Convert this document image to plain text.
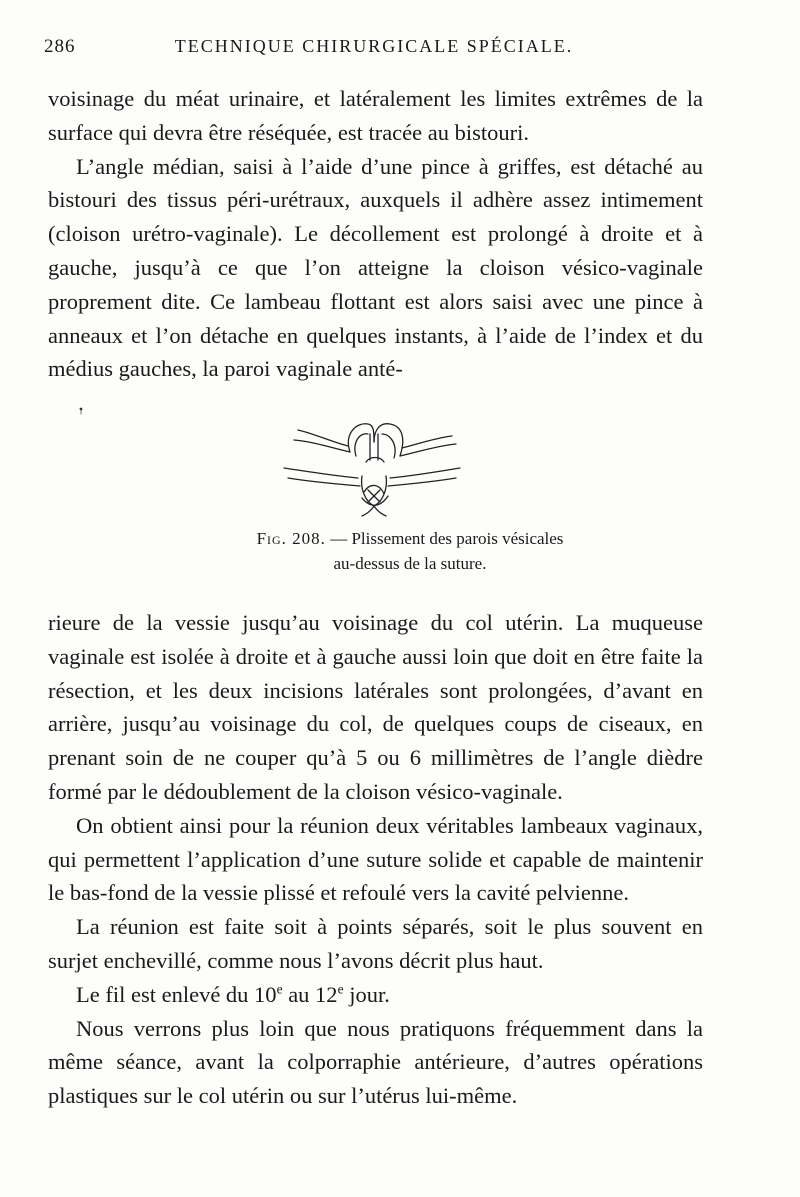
286	TECHNIQUE CHIRURGICALE SPÉCIALE.

voisinage du méat urinaire, et latéralement les limites extrêmes de la surface qui devra être réséquée, est tracée au bistouri.

L’angle médian, saisi à l’aide d’une pince à griffes, est détaché au bistouri des tissus péri-urétraux, auxquels il adhère assez intimement (cloison urétro-vaginale). Le décollement est prolongé à droite et à gauche, jusqu’à ce que l’on atteigne la cloison vésico-vaginale proprement dite. Ce lambeau flottant est alors saisi avec une pince à anneaux et l’on détache en quelques instants, à l’aide de l’index et du médius gauches, la paroi vaginale anté-

Fig. 208. — Plissement des parois vésicales
au-dessus de la suture.

rieure de la vessie jusqu’au voisinage du col utérin. La muqueuse vaginale est isolée à droite et à gauche aussi loin que doit en être faite la résection, et les deux incisions latérales sont prolongées, d’avant en arrière, jusqu’au voisinage du col, de quelques coups de ciseaux, en prenant soin de ne couper qu’à 5 ou 6 millimètres de l’angle dièdre formé par le dédoublement de la cloison vésico-vaginale.

On obtient ainsi pour la réunion deux véritables lambeaux vaginaux, qui permettent l’application d’une suture solide et capable de maintenir le bas-fond de la vessie plissé et refoulé vers la cavité pelvienne.

La réunion est faite soit à points séparés, soit le plus souvent en surjet enchevillé, comme nous l’avons décrit plus haut.

Le fil est enlevé du 10e au 12e jour.

Nous verrons plus loin que nous pratiquons fréquemment dans la même séance, avant la colporraphie antérieure, d’autres opérations plastiques sur le col utérin ou sur l’utérus lui-même.
